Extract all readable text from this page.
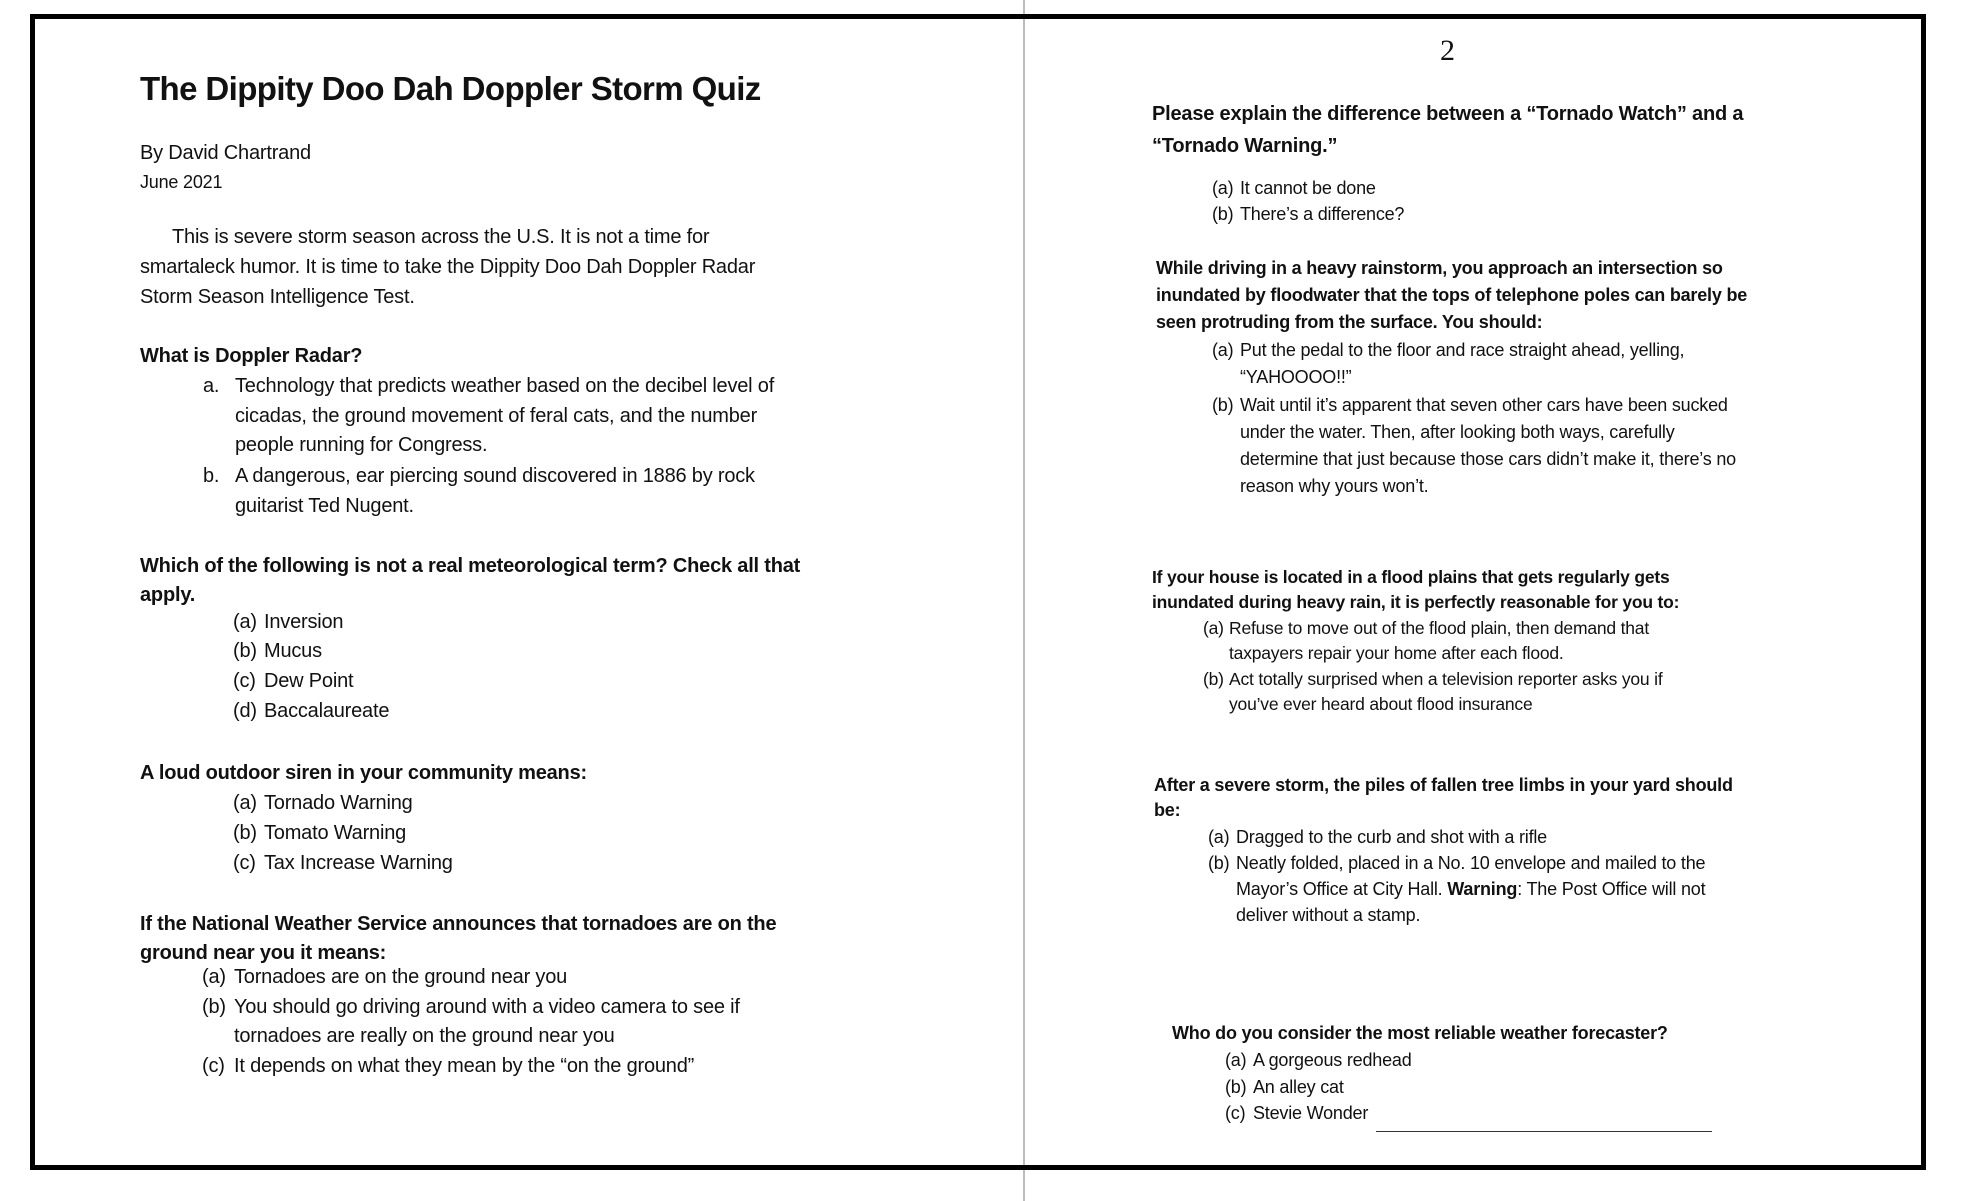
The Dippity Doo Dah Doppler Storm Quiz
By David Chartrand
June 2021
This is severe storm season across the U.S. It is not a time for
smartaleck humor. It is time to take the Dippity Doo Dah Doppler Radar
Storm Season Intelligence Test.
What is Doppler Radar?
a. Technology that predicts weather based on the decibel level of
cicadas, the ground movement of feral cats, and the number
people running for Congress.
b. A dangerous, ear piercing sound discovered in 1886 by rock
guitarist Ted Nugent.
Which of the following is not a real meteorological term? Check all that
apply.
(a) Inversion
(b) Mucus
(c) Dew Point
(d) Baccalaureate
A loud outdoor siren in your community means:
(a) Tornado Warning
(b) Tomato Warning
(c) Tax Increase Warning
If the National Weather Service announces that tornadoes are on the
ground near you it means:
(a) Tornadoes are on the ground near you
(b) You should go driving around with a video camera to see if
tornadoes are really on the ground near you
(c) It depends on what they mean by the “on the ground”
2
Please explain the difference between a “Tornado Watch” and a
“Tornado Warning.”
(a) It cannot be done
(b) There’s a difference?
While driving in a heavy rainstorm, you approach an intersection so
inundated by floodwater that the tops of telephone poles can barely be
seen protruding from the surface. You should:
(a) Put the pedal to the floor and race straight ahead, yelling,
“YAHOOOO!!”
(b) Wait until it’s apparent that seven other cars have been sucked
under the water. Then, after looking both ways, carefully
determine that just because those cars didn’t make it, there’s no
reason why yours won’t.
If your house is located in a flood plains that gets regularly gets
inundated during heavy rain, it is perfectly reasonable for you to:
(a) Refuse to move out of the flood plain, then demand that
taxpayers repair your home after each flood.
(b) Act totally surprised when a television reporter asks you if
you’ve ever heard about flood insurance
After a severe storm, the piles of fallen tree limbs in your yard should
be:
(a) Dragged to the curb and shot with a rifle
(b) Neatly folded, placed in a No. 10 envelope and mailed to the
Mayor’s Office at City Hall. Warning: The Post Office will not
deliver without a stamp.
Who do you consider the most reliable weather forecaster?
(a) A gorgeous redhead
(b) An alley cat
(c) Stevie Wonder
